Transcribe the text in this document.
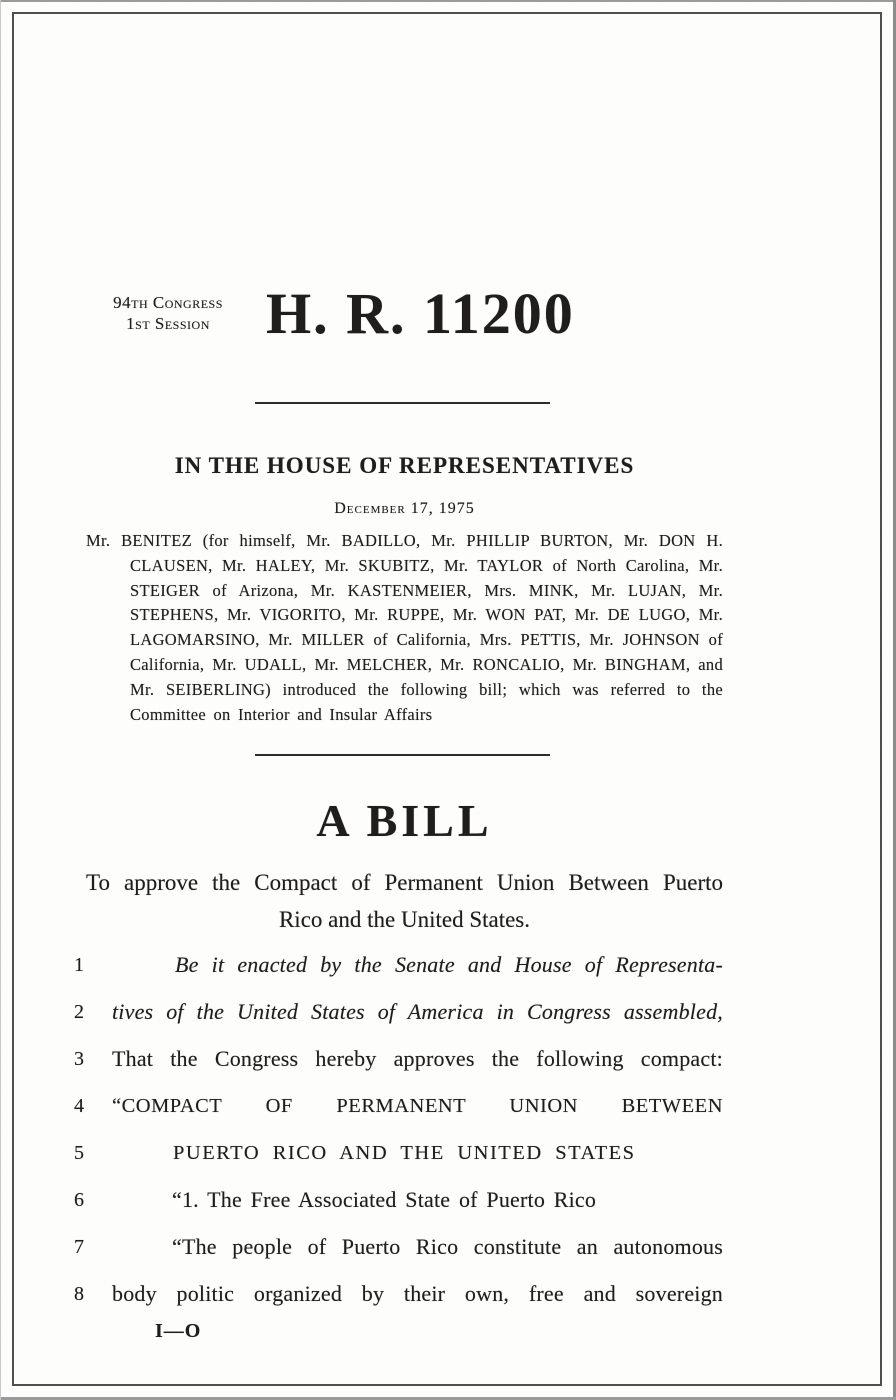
94th Congress
1st Session H. R. 11200
IN THE HOUSE OF REPRESENTATIVES
December 17, 1975

Mr. BENITEZ (for himself, Mr. BADILLO, Mr. PHILLIP BURTON, Mr. DON H. CLAUSEN, Mr. HALEY, Mr. SKUBITZ, Mr. TAYLOR of North Carolina, Mr. STEIGER of Arizona, Mr. KASTENMEIER, Mrs. MINK, Mr. LUJAN, Mr. STEPHENS, Mr. VIGORITO, Mr. RUPPE, Mr. WON PAT, Mr. DE LUGO, Mr. LAGOMARSINO, Mr. MILLER of California, Mrs. PETTIS, Mr. JOHNSON of California, Mr. UDALL, Mr. MELCHER, Mr. RONCALIO, Mr. BINGHAM, and Mr. SEIBERLING) introduced the following bill; which was referred to the Committee on Interior and Insular Affairs

A BILL
To approve the Compact of Permanent Union Between Puerto
Rico and the United States.
1	Be it enacted by the Senate and House of Representa-
2	tives of the United States of America in Congress assembled,
3	That the Congress hereby approves the following compact:
4	“COMPACT OF PERMANENT UNION BETWEEN
5	PUERTO RICO AND THE UNITED STATES
6	“1. The Free Associated State of Puerto Rico
7	“The people of Puerto Rico constitute an autonomous
8	body politic organized by their own, free and sovereign
I—O
